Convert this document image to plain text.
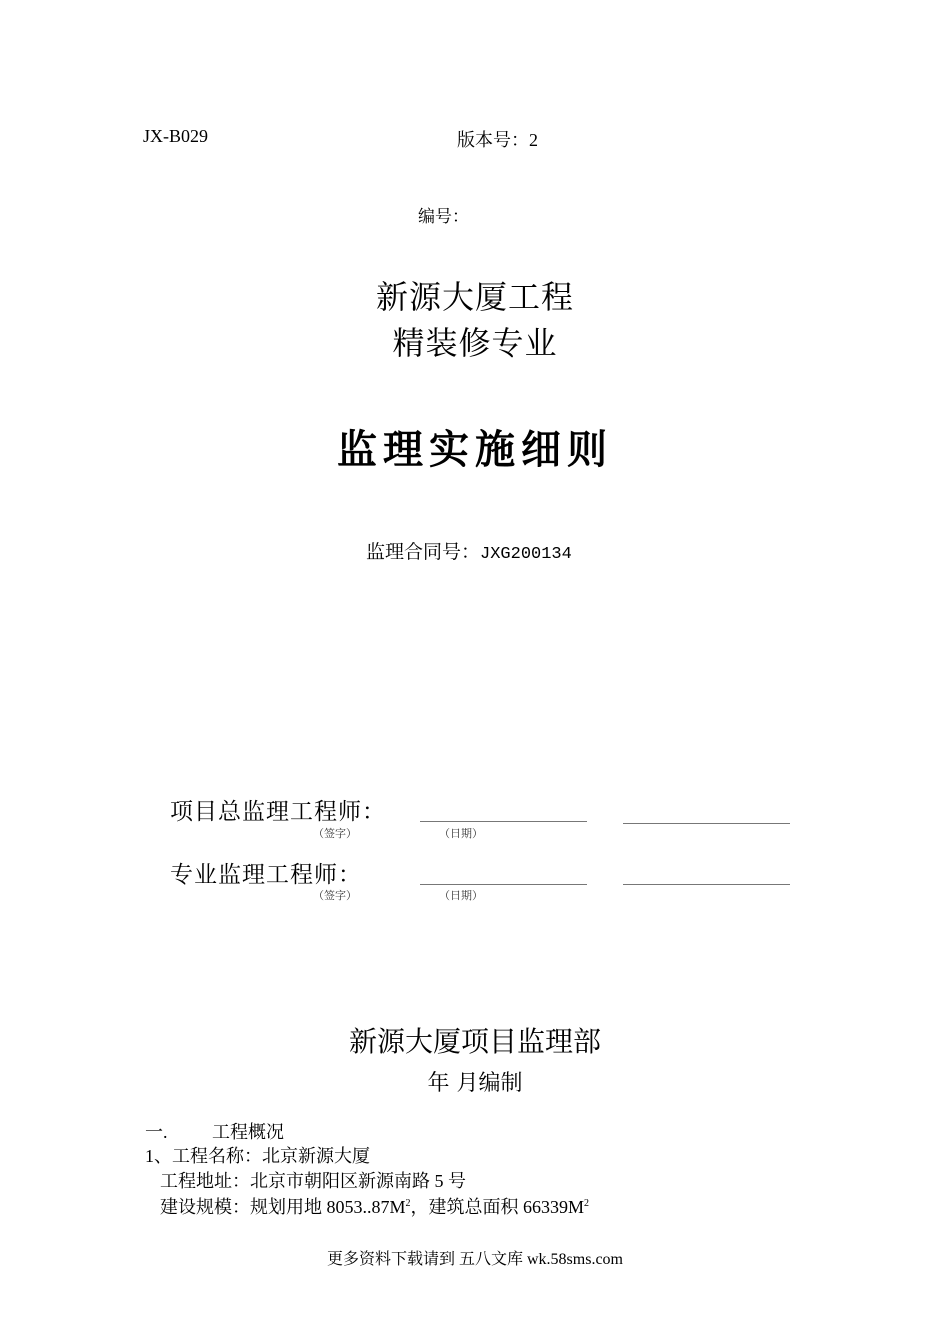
JX-B029	版本号：2
编号：
新源大厦工程
精装修专业
监理实施细则
监理合同号：JXG200134
项目总监理工程师：
（签字）	（日期）
专业监理工程师：
（签字）	（日期）
新源大厦项目监理部
年 月编制
一. 工程概况
1、工程名称：北京新源大厦
工程地址：北京市朝阳区新源南路 5 号
建设规模：规划用地 $8053..87M^2$，建筑总面积 $66339M^2$
更多资料下载请到 五八文库 wk.58sms.com
